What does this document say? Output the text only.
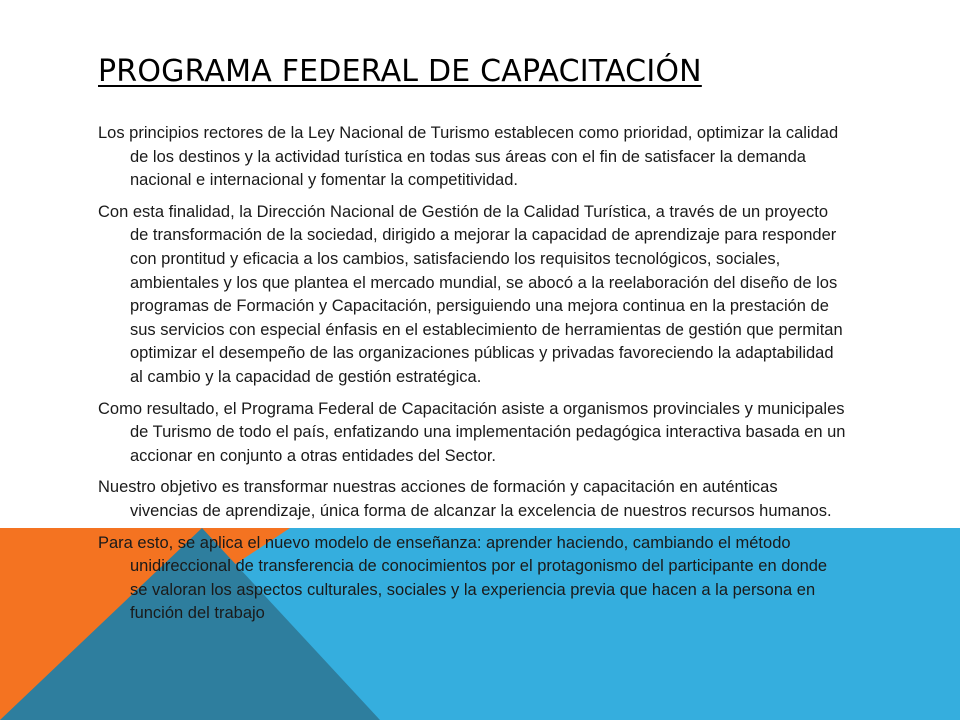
PROGRAMA FEDERAL DE CAPACITACIÓN

Los principios rectores de la Ley Nacional de Turismo establecen como prioridad, optimizar la calidad de los destinos y la actividad turística en todas sus áreas con el fin de satisfacer la demanda nacional e internacional y fomentar la competitividad.

Con esta finalidad, la Dirección Nacional de Gestión de la Calidad Turística, a través de un proyecto de transformación de la sociedad, dirigido a mejorar la capacidad de aprendizaje para responder con prontitud y eficacia a los cambios, satisfaciendo los requisitos tecnológicos, sociales, ambientales y los que plantea el mercado mundial, se abocó a la reelaboración del diseño de los programas de Formación y Capacitación, persiguiendo una mejora continua en la prestación de sus servicios con especial énfasis en el establecimiento de herramientas de gestión que permitan optimizar el desempeño de las organizaciones públicas y privadas favoreciendo la adaptabilidad al cambio y la capacidad de gestión estratégica.

Como resultado, el Programa Federal de Capacitación asiste a organismos provinciales y municipales de Turismo de todo el país, enfatizando una implementación pedagógica interactiva basada en un accionar en conjunto a otras entidades del Sector.

Nuestro objetivo es transformar nuestras acciones de formación y capacitación en auténticas vivencias de aprendizaje, única forma de alcanzar la excelencia de nuestros recursos humanos.

Para esto, se aplica el nuevo modelo de enseñanza: aprender haciendo, cambiando el método unidireccional de transferencia de conocimientos por el protagonismo del participante en donde se valoran los aspectos culturales, sociales y la experiencia previa que hacen a la persona en función del trabajo
